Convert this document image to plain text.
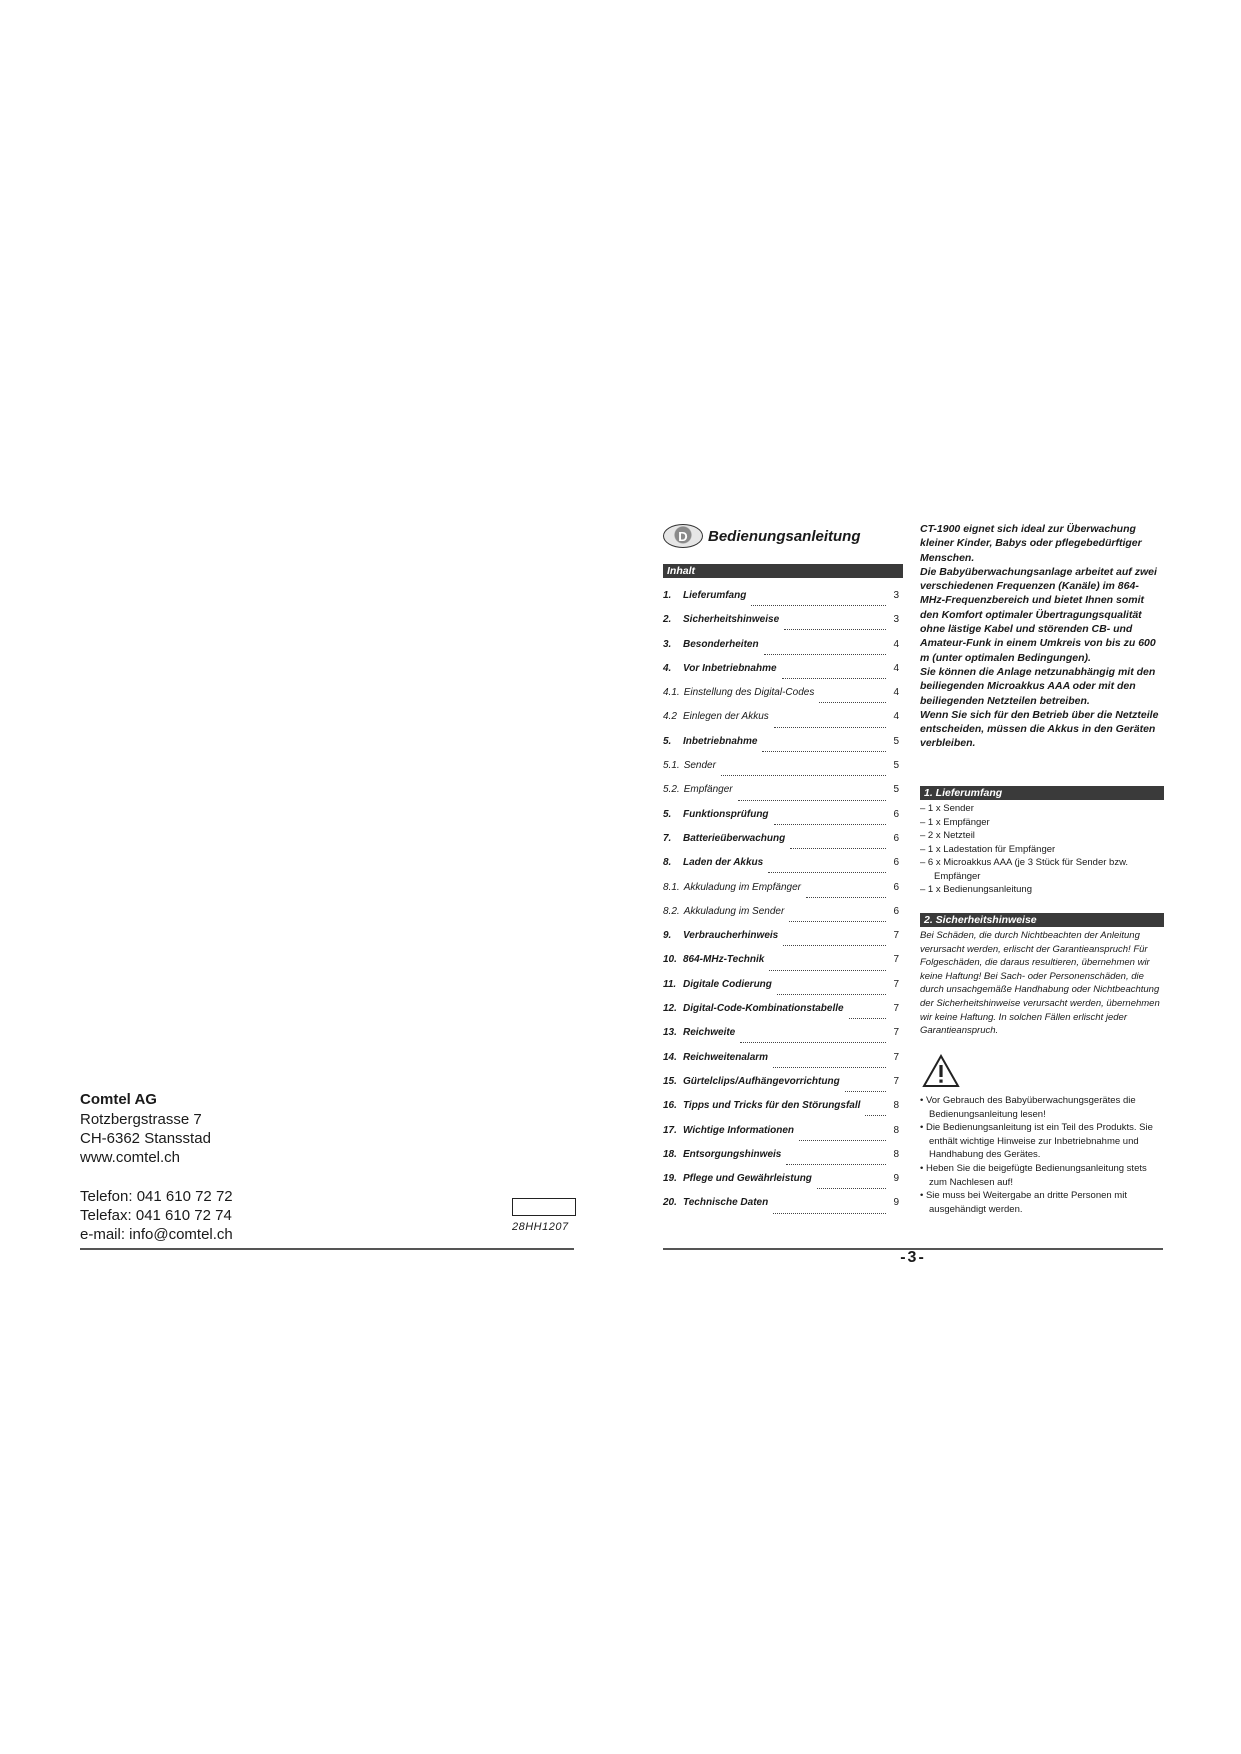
Comtel AG
Rotzbergstrasse 7
CH-6362 Stansstad
www.comtel.ch
Telefon: 041 610 72 72
Telefax: 041 610 72 74
e-mail: info@comtel.ch	28HH1207
D Bedienungsanleitung
Inhalt
1.	Lieferumfang	3
2.	Sicherheitshinweise	3
3.	Besonderheiten	4
4.	Vor Inbetriebnahme	4
4.1. Einstellung des Digital-Codes	4
4.2 Einlegen der Akkus	4
5.	Inbetriebnahme	5
5.1. Sender	5
5.2. Empfänger	5
5.	Funktionsprüfung	6
7.	Batterieüberwachung	6
8.	Laden der Akkus	6
8.1. Akkuladung im Empfänger	6
8.2. Akkuladung im Sender	6
9.	Verbraucherhinweis	7
10. 864-MHz-Technik	7
11. Digitale Codierung	7
12. Digital-Code-Kombinationstabelle	7
13. Reichweite	7
14. Reichweitenalarm	7
15. Gürtelclips/Aufhängevorrichtung	7
16. Tipps und Tricks für den Störungsfall	8
17. Wichtige Informationen	8
18. Entsorgungshinweis	8
19. Pflege und Gewährleistung	9
20. Technische Daten	9

CT-1900 eignet sich ideal zur Überwachung kleiner Kinder, Babys oder pflegebedürftiger Menschen.

Die Babyüberwachungsanlage arbeitet auf zwei verschiedenen Frequenzen (Kanäle) im 864-MHz-Frequenzbereich und bietet Ihnen somit den Komfort optimaler Übertragungsqualität ohne lästige Kabel und störenden CB- und Amateur-Funk in einem Umkreis von bis zu 600 m (unter optimalen Bedingungen).

Sie können die Anlage netzunabhängig mit den beiliegenden Microakkus AAA oder mit den beiliegenden Netzteilen betreiben.

Wenn Sie sich für den Betrieb über die Netzteile entscheiden, müssen die Akkus in den Geräten verbleiben.

1. Lieferumfang
– 1 x Sender
– 1 x Empfänger
– 2 x Netzteil
– 1 x Ladestation für Empfänger
– 6 x Microakkus AAA (je 3 Stück für Sender bzw. Empfänger
– 1 x Bedienungsanleitung
2. Sicherheitshinweise

Bei Schäden, die durch Nichtbeachten der Anleitung verursacht werden, erlischt der Garantieanspruch! Für Folgeschäden, die daraus resultieren, übernehmen wir keine Haftung! Bei Sach- oder Personenschäden, die durch unsachgemäße Handhabung oder Nichtbeachtung der Sicherheitshinweise verursacht werden, übernehmen wir keine Haftung. In solchen Fällen erlischt jeder Garantieanspruch.

• Vor Gebrauch des Babyüberwachungsgerätes die Bedienungsanleitung lesen!
• Die Bedienungsanleitung ist ein Teil des Produkts. Sie enthält wichtige Hinweise zur Inbetriebnahme und Handhabung des Gerätes.
• Heben Sie die beigefügte Bedienungsanleitung stets zum Nachlesen auf!
• Sie muss bei Weitergabe an dritte Personen mit ausgehändigt werden.
-3-
